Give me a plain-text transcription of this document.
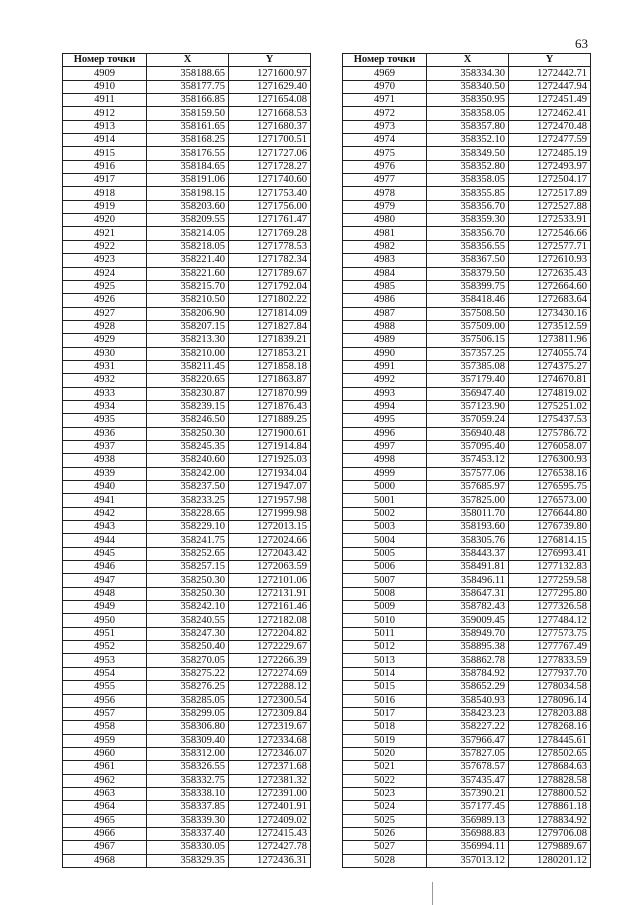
63
Номер точки	X	Y
4909	358188.65	1271600.97
4910	358177.75	1271629.40
4911	358166.85	1271654.08
4912	358159.50	1271668.53
4913	358161.65	1271680.37
4914	358168.25	1271700.51
4915	358176.55	1271727.06
4916	358184.65	1271728.27
4917	358191.06	1271740.60
4918	358198.15	1271753.40
4919	358203.60	1271756.00
4920	358209.55	1271761.47
4921	358214.05	1271769.28
4922	358218.05	1271778.53
4923	358221.40	1271782.34
4924	358221.60	1271789.67
4925	358215.70	1271792.04
4926	358210.50	1271802.22
4927	358206.90	1271814.09
4928	358207.15	1271827.84
4929	358213.30	1271839.21
4930	358210.00	1271853.21
4931	358211.45	1271858.18
4932	358220.65	1271863.87
4933	358230.87	1271870.99
4934	358239.15	1271876.43
4935	358246.50	1271889.25
4936	358250.30	1271900.61
4937	358245.35	1271914.84
4938	358240.60	1271925.03
4939	358242.00	1271934.04
4940	358237.50	1271947.07
4941	358233.25	1271957.98
4942	358228.65	1271999.98
4943	358229.10	1272013.15
4944	358241.75	1272024.66
4945	358252.65	1272043.42
4946	358257.15	1272063.59
4947	358250.30	1272101.06
4948	358250.30	1272131.91
4949	358242.10	1272161.46
4950	358240.55	1272182.08
4951	358247.30	1272204.82
4952	358250.40	1272229.67
4953	358270.05	1272266.39
4954	358275.22	1272274.69
4955	358276.25	1272288.12
4956	358285.05	1272300.54
4957	358299.05	1272309.84
4958	358306.80	1272319.67
4959	358309.40	1272334.68
4960	358312.00	1272346.07
4961	358326.55	1272371.68
4962	358332.75	1272381.32
4963	358338.10	1272391.00
4964	358337.85	1272401.91
4965	358339.30	1272409.02
4966	358337.40	1272415.43
4967	358330.05	1272427.78
4968	358329.35	1272436.31
Номер точки	X	Y
4969	358334.30	1272442.71
4970	358340.50	1272447.94
4971	358350.95	1272451.49
4972	358358.05	1272462.41
4973	358357.80	1272470.48
4974	358352.10	1272477.59
4975	358349.50	1272485.19
4976	358352.80	1272493.97
4977	358358.05	1272504.17
4978	358355.85	1272517.89
4979	358356.70	1272527.88
4980	358359.30	1272533.91
4981	358356.70	1272546.66
4982	358356.55	1272577.71
4983	358367.50	1272610.93
4984	358379.50	1272635.43
4985	358399.75	1272664.60
4986	358418.46	1272683.64
4987	357508.50	1273430.16
4988	357509.00	1273512.59
4989	357506.15	1273811.96
4990	357357.25	1274055.74
4991	357385.08	1274375.27
4992	357179.40	1274670.81
4993	356947.40	1274819.02
4994	357123.90	1275251.02
4995	357059.24	1275437.53
4996	356940.48	1275786.72
4997	357095.40	1276058.07
4998	357453.12	1276300.93
4999	357577.06	1276538.16
5000	357685.97	1276595.75
5001	357825.00	1276573.00
5002	358011.70	1276644.80
5003	358193.60	1276739.80
5004	358305.76	1276814.15
5005	358443.37	1276993.41
5006	358491.81	1277132.83
5007	358496.11	1277259.58
5008	358647.31	1277295.80
5009	358782.43	1277326.58
5010	359009.45	1277484.12
5011	358949.70	1277573.75
5012	358895.38	1277767.49
5013	358862.78	1277833.59
5014	358784.92	1277937.70
5015	358652.29	1278034.58
5016	358540.93	1278096.14
5017	358423.23	1278203.88
5018	358227.22	1278268.16
5019	357966.47	1278445.61
5020	357827.05	1278502.65
5021	357678.57	1278684.63
5022	357435.47	1278828.58
5023	357390.21	1278800.52
5024	357177.45	1278861.18
5025	356989.13	1278834.92
5026	356988.83	1279706.08
5027	356994.11	1279889.67
5028	357013.12	1280201.12
